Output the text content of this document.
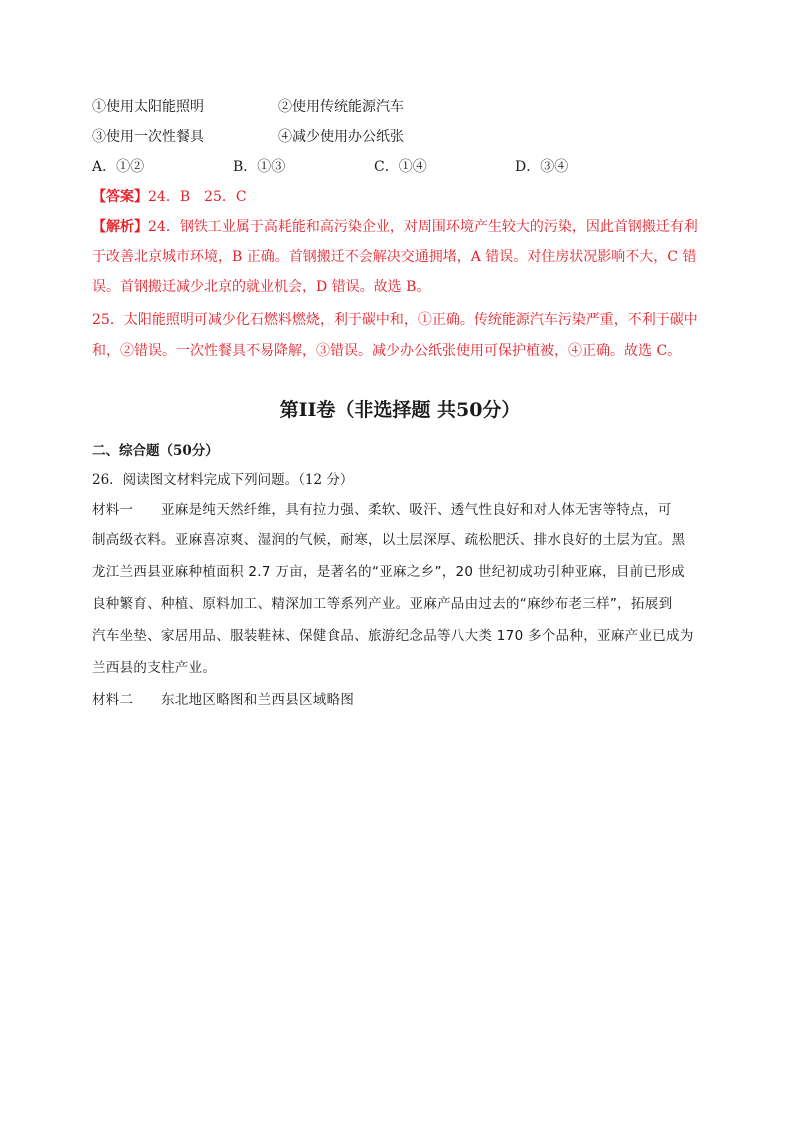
①使用太阳能照明	②使用传统能源汽车
③使用一次性餐具	④减少使用办公纸张
A．①②	B．①③	C．①④	D．③④
【答案】24．B　25．C
【解析】24．钢铁工业属于高耗能和高污染企业，对周围环境产生较大的污染，因此首钢搬迁有利
于改善北京城市环境，B 正确。首钢搬迁不会解决交通拥堵，A 错误。对住房状况影响不大，C 错
误。首钢搬迁减少北京的就业机会，D 错误。故选 B。
25．太阳能照明可减少化石燃料燃烧，利于碳中和，①正确。传统能源汽车污染严重，不利于碳中
和，②错误。一次性餐具不易降解，③错误。减少办公纸张使用可保护植被，④正确。故选 C。
第II卷（非选择题 共50分）
二、综合题（50分）
26．阅读图文材料完成下列问题。（12 分）
材料一　　亚麻是纯天然纤维，具有拉力强、柔软、吸汗、透气性良好和对人体无害等特点，可
制高级衣料。亚麻喜凉爽、湿润的气候，耐寒，以土层深厚、疏松肥沃、排水良好的土层为宜。黑
龙江兰西县亚麻种植面积 2.7 万亩，是著名的“亚麻之乡”，20 世纪初成功引种亚麻，目前已形成
良种繁育、种植、原料加工、精深加工等系列产业。亚麻产品由过去的“麻纱布老三样”，拓展到
汽车坐垫、家居用品、服装鞋袜、保健食品、旅游纪念品等八大类 170 多个品种，亚麻产业已成为
兰西县的支柱产业。
材料二　　东北地区略图和兰西县区域略图
